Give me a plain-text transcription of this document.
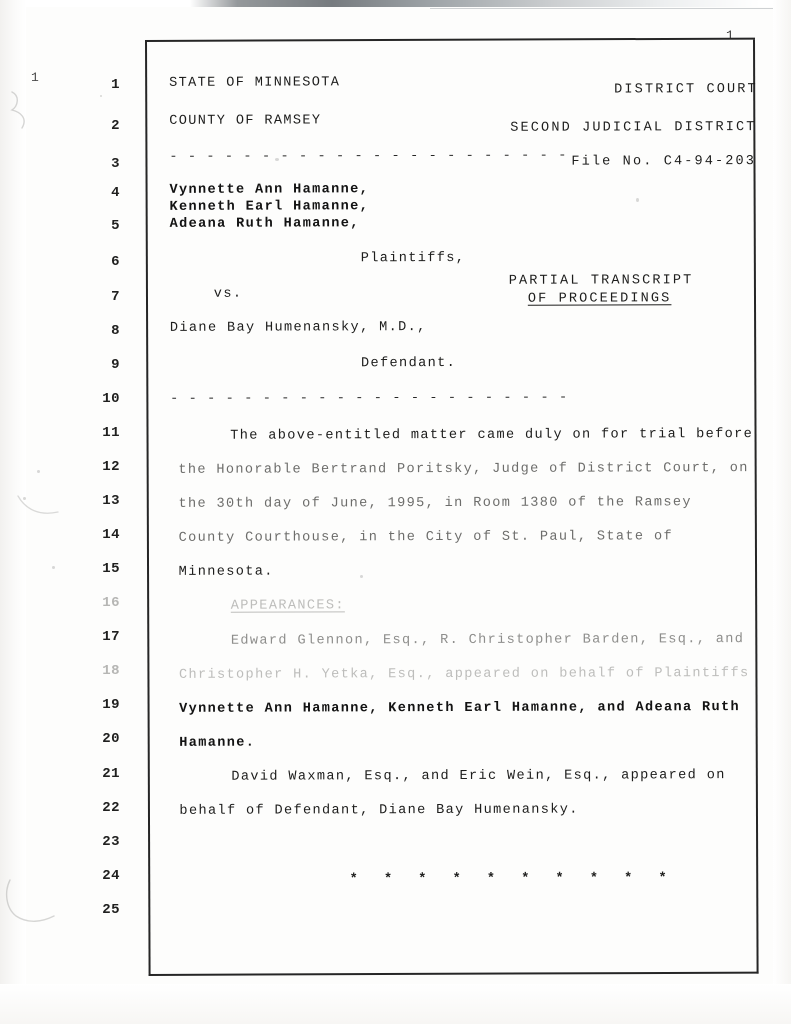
1
1	1
2
3
4
5
6
7
8
9
10
11
12
13
14
15
16
17
18
19
20
21
22
23
24
25
STATE OF MINNESOTA	DISTRICT COURT
COUNTY OF RAMSEY	SECOND JUDICIAL DISTRICT
- - - - - - - - - - - - - - - - - - - - - - File No. C4-94-203
Vynnette Ann Hamanne,
Kenneth Earl Hamanne,
Adeana Ruth Hamanne,
Plaintiffs,
vs.
PARTIAL TRANSCRIPT
OF PROCEEDINGS
Diane Bay Humenansky, M.D.,
Defendant.
- - - - - - - - - - - - - - - - - - - - - -
The above-entitled matter came duly on for trial before
the Honorable Bertrand Poritsky, Judge of District Court, on
the 30th day of June, 1995, in Room 1380 of the Ramsey
County Courthouse, in the City of St. Paul, State of
Minnesota.
APPEARANCES:
Edward Glennon, Esq., R. Christopher Barden, Esq., and
Christopher H. Yetka, Esq., appeared on behalf of Plaintiffs
Vynnette Ann Hamanne, Kenneth Earl Hamanne, and Adeana Ruth
Hamanne.
David Waxman, Esq., and Eric Wein, Esq., appeared on
behalf of Defendant, Diane Bay Humenansky.
* * * * * * * * * *
